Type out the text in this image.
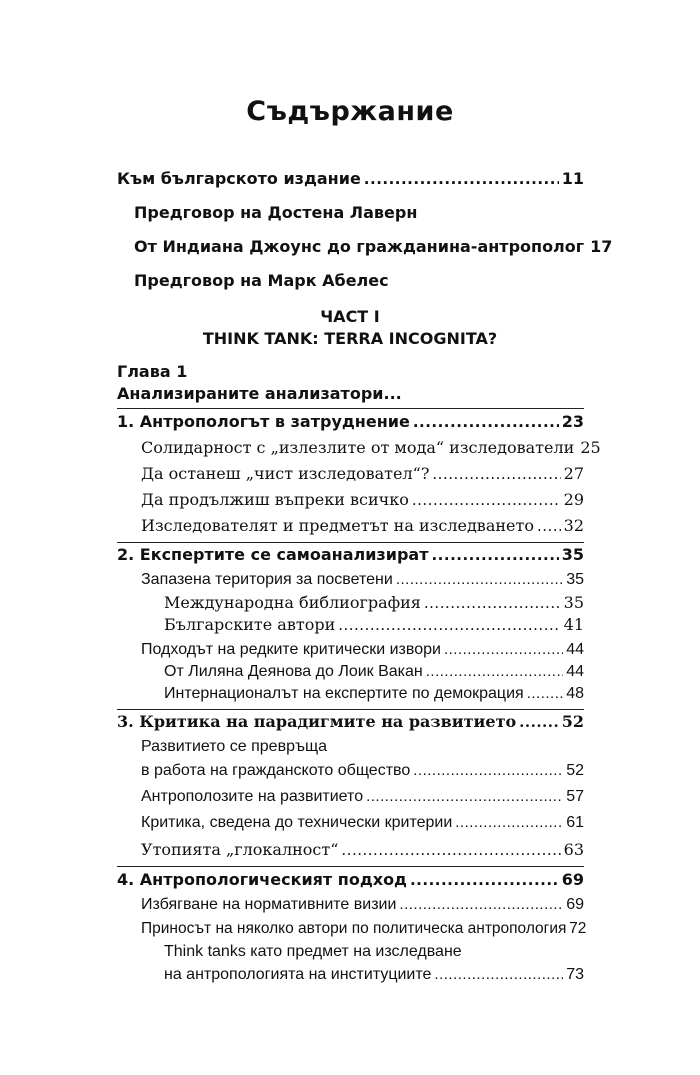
Съдържание
Към българското издание .....	11
Предговор на Достена Лаверн
От Индиана Джоунс до гражданина-антрополог 17
Предговор на Марк Абелес
ЧАСТ I
THINK TANK: TERRA INCOGNITA?
Глава 1
Анализираните анализатори...
1. Антропологът в затруднение .....	23
Солидарност с „излезлите от мода“ изследователи 25
Да останеш „чист изследовател“? .....	27
Да продължиш въпреки всичко .....	29
Изследователят и предметът на изследването ..... 32
2. Експертите се самоанализират .....	35
Запазена територия за посветени .....	35
Международна библиография .....	35
Българските автори .....	41
Подходът на редките критически извори .....	44
От Лиляна Деянова до Лоик Вакан .....	44
Интернационалът на експертите по демокрация .....	48
3. Критика на парадигмите на развитието .....	52
Развитието се превръща
в работа на гражданското общество .....	52
Антрополозите на развитието .....	57
Критика, сведена до технически критерии .....	61
Утопията „глокалност“ .....	63
4. Антропологическият подход .....	69
Избягване на нормативните визии .....	69
Приносът на няколко автори по политическа антропология 72
Think tanks като предмет на изследване
на антропологията на институциите .....	73
